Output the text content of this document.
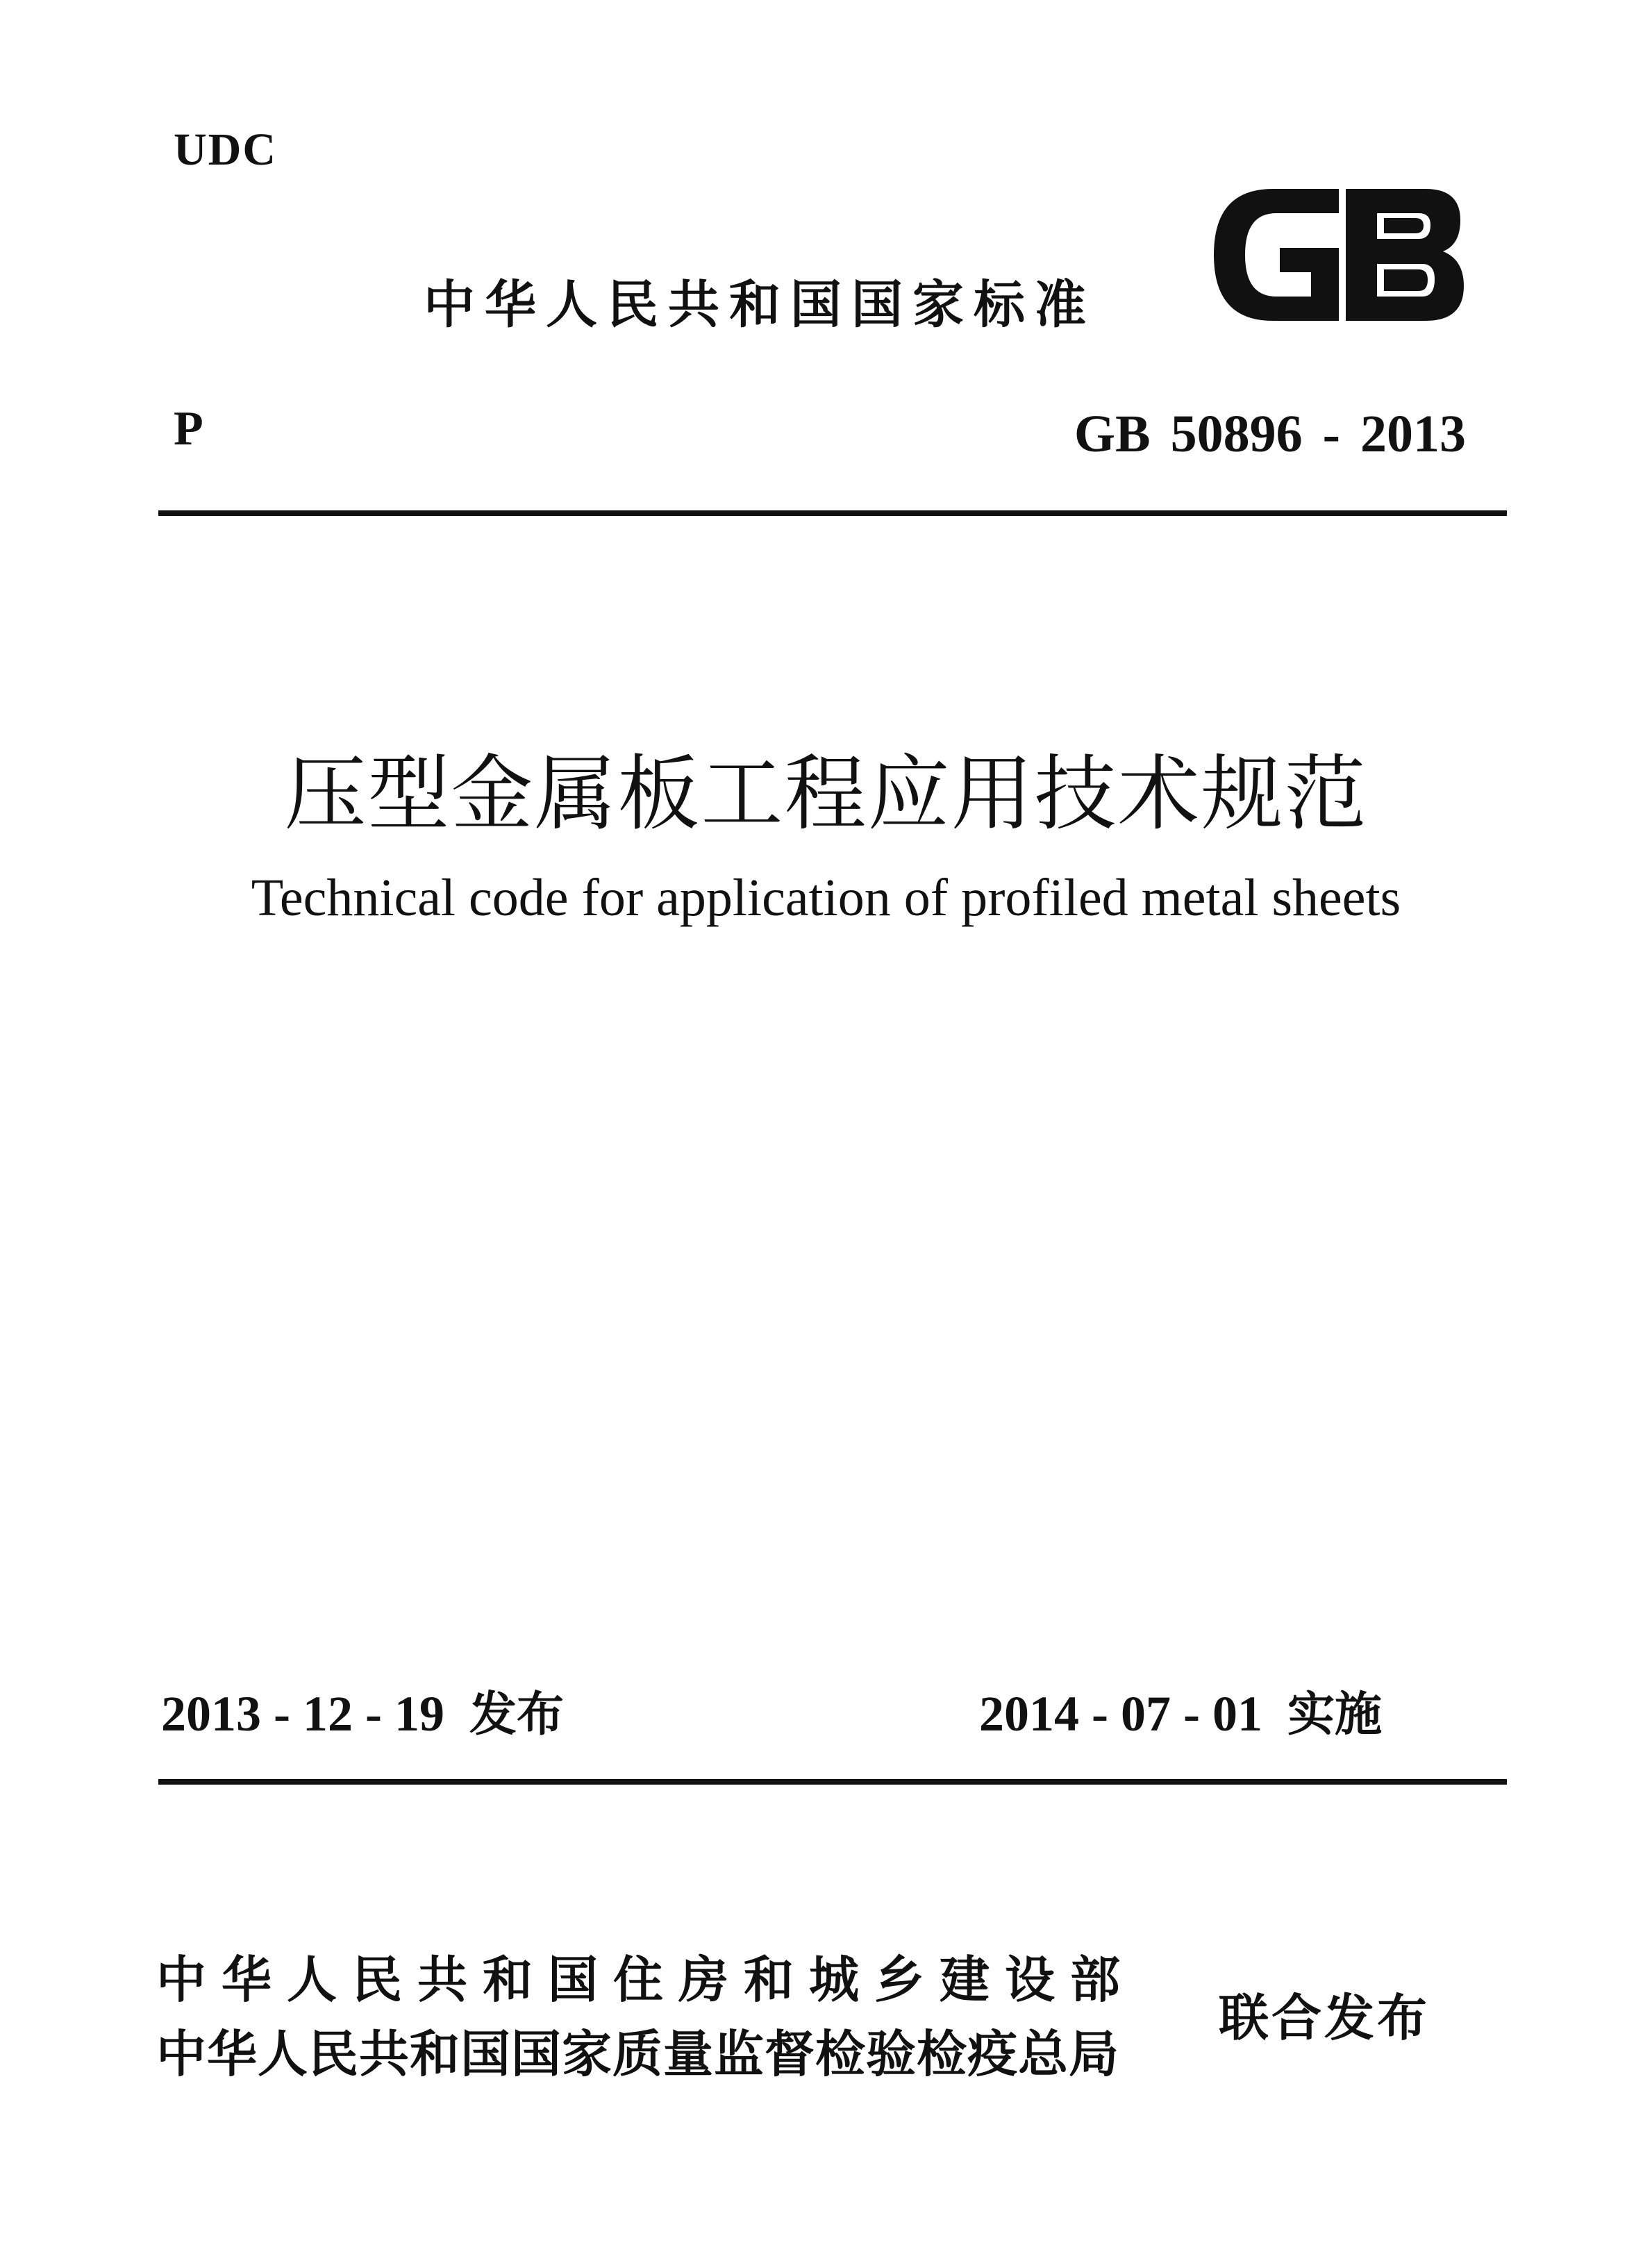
UDC
中华人民共和国国家标准
P	GB 50896 - 2013
压型金属板工程应用技术规范
Technical code for application of profiled metal sheets
2013 - 12 - 19 发布	2014 - 07 - 01 实施
中华人民共和国住房和城乡建设部
中华人民共和国国家质量监督检验检疫总局
联合发布
